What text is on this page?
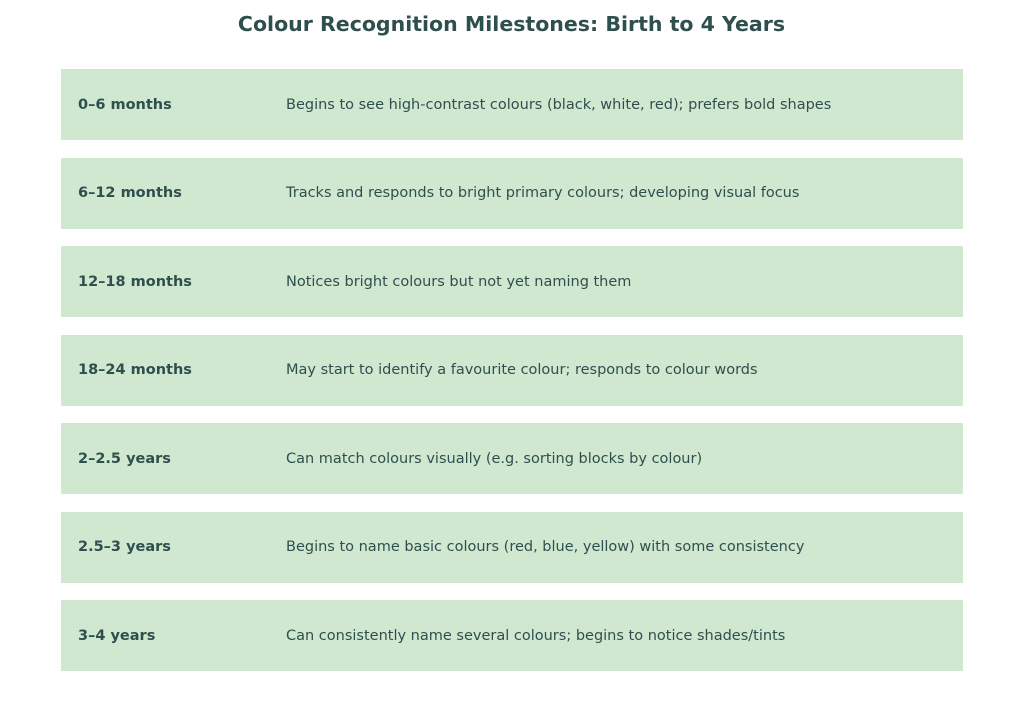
Colour Recognition Milestones: Birth to 4 Years
0–6 months	Begins to see high-contrast colours (black, white, red); prefers bold shapes
6–12 months	Tracks and responds to bright primary colours; developing visual focus
12–18 months	Notices bright colours but not yet naming them
18–24 months	May start to identify a favourite colour; responds to colour words
2–2.5 years	Can match colours visually (e.g. sorting blocks by colour)
2.5–3 years	Begins to name basic colours (red, blue, yellow) with some consistency
3–4 years	Can consistently name several colours; begins to notice shades/tints
